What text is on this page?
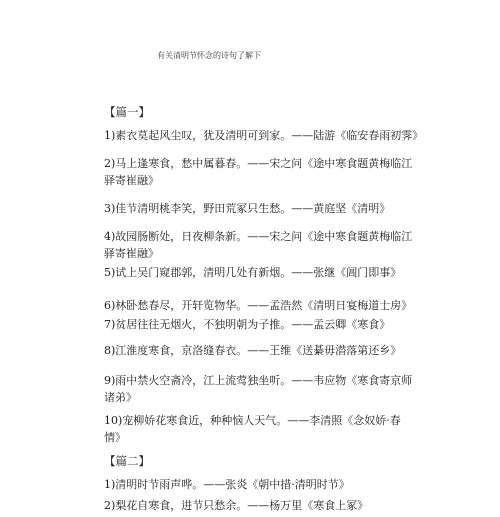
有关清明节怀念的诗句了解下
【篇一】
1)素衣莫起风尘叹，犹及清明可到家。——陆游《临安春雨初霁》
2)马上逢寒食，愁中属暮春。——宋之问《途中寒食题黄梅临江
驿寄崔融》
3)佳节清明桃李笑，野田荒冢只生愁。——黄庭坚《清明》
4)故园肠断处，日夜柳条新。——宋之问《途中寒食题黄梅临江
驿寄崔融》
5)试上吴门窥郡郭，清明几处有新烟。——张继《阊门即事》
6)林卧愁春尽，开轩览物华。——孟浩然《清明日宴梅道士房》
7)贫居往往无烟火，不独明朝为子推。——孟云卿《寒食》
8)江淮度寒食，京洛缝春衣。——王维《送綦毋潜落第还乡》
9)雨中禁火空斋冷，江上流莺独坐听。——韦应物《寒食寄京师
诸弟》
10)宠柳娇花寒食近，种种恼人天气。——李清照《念奴娇·春
情》
【篇二】
1)清明时节雨声哗。——张炎《朝中措·清明时节》
2)梨花自寒食，进节只愁余。——杨万里《寒食上冢》
